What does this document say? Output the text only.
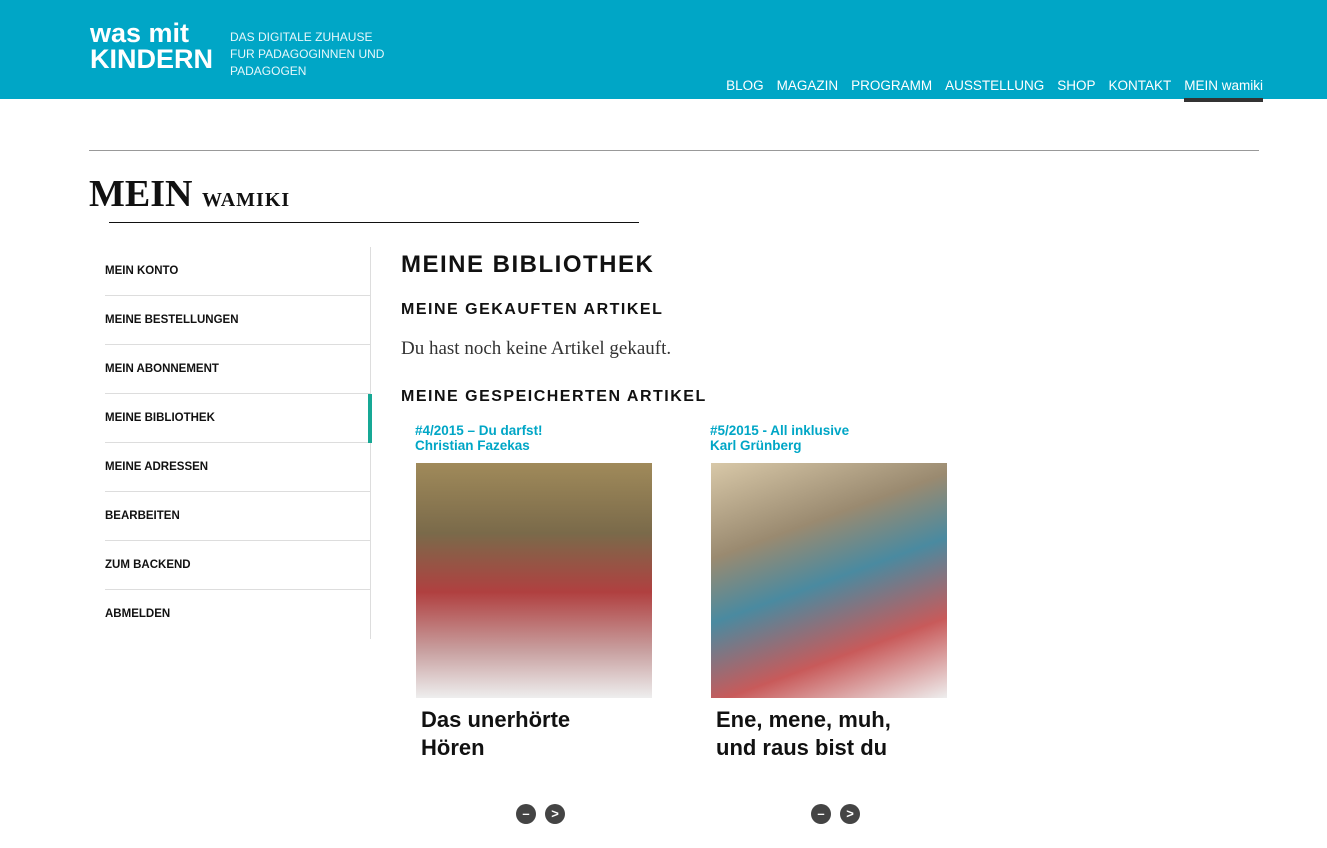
was mit
KINDERN
DAS DIGITALE ZUHAUSE FUR PADAGOGINNEN UND PADAGOGEN
BLOG MAGAZIN PROGRAMM AUSSTELLUNG SHOP KONTAKT MEIN wamiki
MEIN wamiki
MEIN KONTO
MEINE BESTELLUNGEN
MEIN ABONNEMENT
MEINE BIBLIOTHEK
MEINE ADRESSEN
BEARBEITEN
ZUM BACKEND
ABMELDEN
MEINE BIBLIOTHEK
MEINE GEKAUFTEN ARTIKEL
Du hast noch keine Artikel gekauft.
MEINE GESPEICHERTEN ARTIKEL
#4/2015 – Du darfst!
Christian Fazekas
Das unerhörte
Hören
#5/2015 - All inklusive
Karl Grünberg
Ene, mene, muh,
und raus bist du
–	>	–	>
